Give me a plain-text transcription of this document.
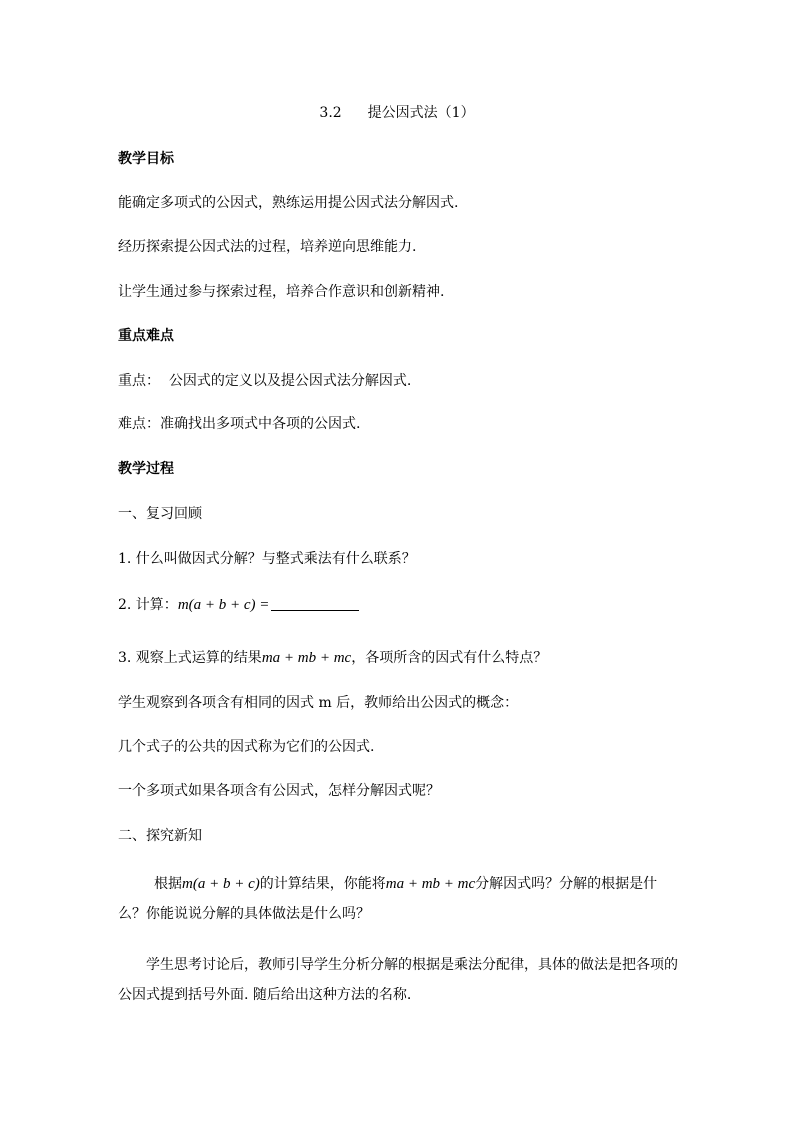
3.2 提公因式法（1）
教学目标
能确定多项式的公因式，熟练运用提公因式法分解因式.
经历探索提公因式法的过程，培养逆向思维能力.
让学生通过参与探索过程，培养合作意识和创新精神.
重点难点
重点：  公因式的定义以及提公因式法分解因式.
难点：准确找出多项式中各项的公因式.
教学过程
一、复习回顾
1. 什么叫做因式分解？与整式乘法有什么联系？
2. 计算：m(a + b + c) =
3. 观察上式运算的结果ma + mb + mc，各项所含的因式有什么特点？
学生观察到各项含有相同的因式 m 后，教师给出公因式的概念：
几个式子的公共的因式称为它们的公因式.
一个多项式如果各项含有公因式，怎样分解因式呢？
二、探究新知
根据m(a + b + c)的计算结果，你能将ma + mb + mc分解因式吗？分解的根据是什么？你能说说分解的具体做法是什么吗？
学生思考讨论后，教师引导学生分析分解的根据是乘法分配律，具体的做法是把各项的公因式提到括号外面. 随后给出这种方法的名称.
